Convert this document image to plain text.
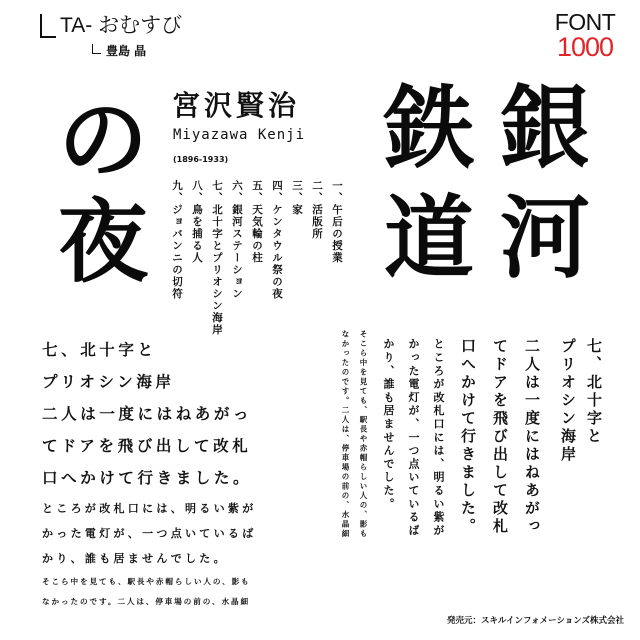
TA- おむすび
豊島 晶
FONT
1000
の
夜
銀
河
鉄
道
宮沢賢治
Miyazawa Kenji
(1896-1933)
一、午后の授業
二、活版所
三、家
四、ケンタウル祭の夜
五、天気輪の柱
六、銀河ステーション
七、北十字とプリオシン海岸
八、鳥を捕る人
九、ジョバンニの切符
七、北十字と
プリオシン海岸
二人は一度にはねあがっ
てドアを飛び出して改札
口へかけて行きました。
ところが改札口には、明るい紫が
かった電灯が、一つ点いているば
かり、誰も居ませんでした。
そこら中を見ても、駅長や赤帽らしい人の、影も
なかったのです。二人は、停車場の前の、水晶細
七、北十字と
プリオシン海岸
二人は一度にはねあがっ
てドアを飛び出して改札
口へかけて行きました。
ところが改札口には、明るい紫が
かった電灯が、一つ点いているば
かり、誰も居ませんでした。
そこら中を見ても、駅長や赤帽らしい人の、影も
なかったのです。二人は、停車場の前の、水晶細
発売元：スキルインフォメーションズ株式会社
